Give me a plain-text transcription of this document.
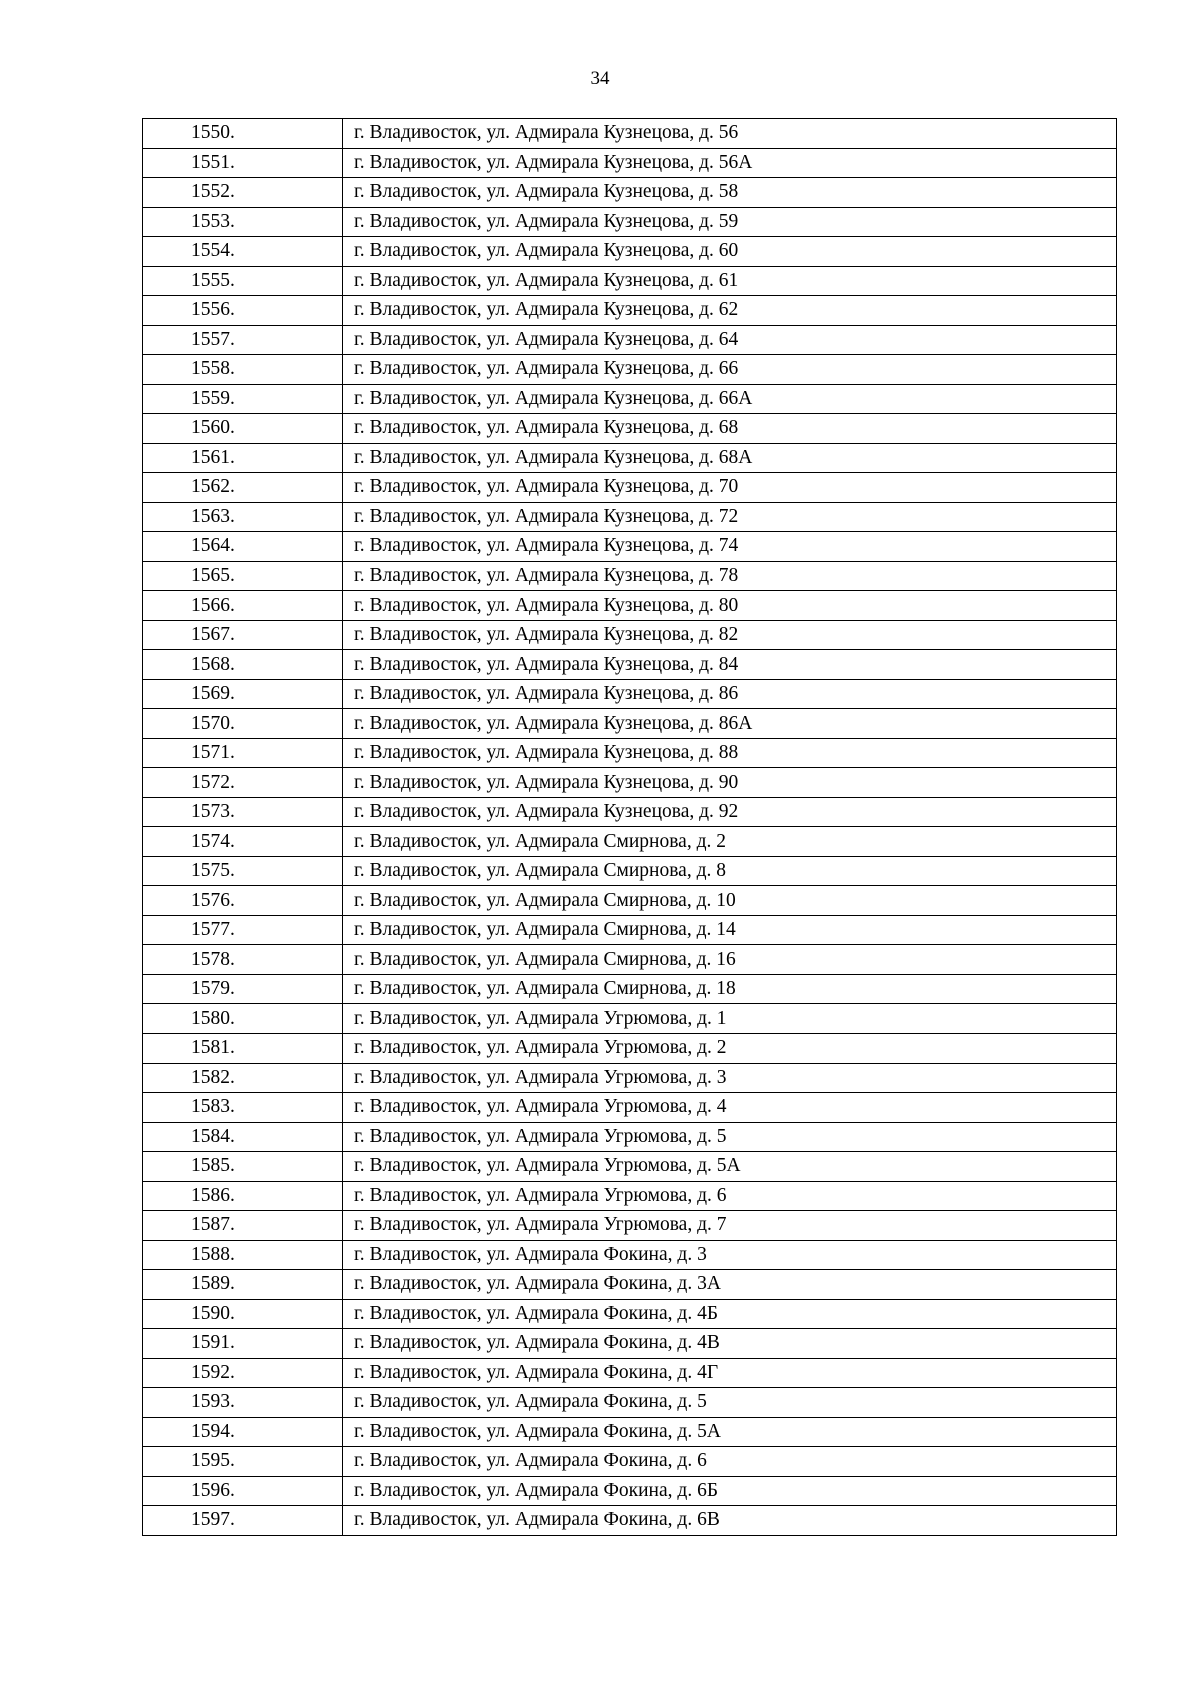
34
1550.	г. Владивосток, ул. Адмирала Кузнецова, д. 56
1551.	г. Владивосток, ул. Адмирала Кузнецова, д. 56А
1552.	г. Владивосток, ул. Адмирала Кузнецова, д. 58
1553.	г. Владивосток, ул. Адмирала Кузнецова, д. 59
1554.	г. Владивосток, ул. Адмирала Кузнецова, д. 60
1555.	г. Владивосток, ул. Адмирала Кузнецова, д. 61
1556.	г. Владивосток, ул. Адмирала Кузнецова, д. 62
1557.	г. Владивосток, ул. Адмирала Кузнецова, д. 64
1558.	г. Владивосток, ул. Адмирала Кузнецова, д. 66
1559.	г. Владивосток, ул. Адмирала Кузнецова, д. 66А
1560.	г. Владивосток, ул. Адмирала Кузнецова, д. 68
1561.	г. Владивосток, ул. Адмирала Кузнецова, д. 68А
1562.	г. Владивосток, ул. Адмирала Кузнецова, д. 70
1563.	г. Владивосток, ул. Адмирала Кузнецова, д. 72
1564.	г. Владивосток, ул. Адмирала Кузнецова, д. 74
1565.	г. Владивосток, ул. Адмирала Кузнецова, д. 78
1566.	г. Владивосток, ул. Адмирала Кузнецова, д. 80
1567.	г. Владивосток, ул. Адмирала Кузнецова, д. 82
1568.	г. Владивосток, ул. Адмирала Кузнецова, д. 84
1569.	г. Владивосток, ул. Адмирала Кузнецова, д. 86
1570.	г. Владивосток, ул. Адмирала Кузнецова, д. 86А
1571.	г. Владивосток, ул. Адмирала Кузнецова, д. 88
1572.	г. Владивосток, ул. Адмирала Кузнецова, д. 90
1573.	г. Владивосток, ул. Адмирала Кузнецова, д. 92
1574.	г. Владивосток, ул. Адмирала Смирнова, д. 2
1575.	г. Владивосток, ул. Адмирала Смирнова, д. 8
1576.	г. Владивосток, ул. Адмирала Смирнова, д. 10
1577.	г. Владивосток, ул. Адмирала Смирнова, д. 14
1578.	г. Владивосток, ул. Адмирала Смирнова, д. 16
1579.	г. Владивосток, ул. Адмирала Смирнова, д. 18
1580.	г. Владивосток, ул. Адмирала Угрюмова, д. 1
1581.	г. Владивосток, ул. Адмирала Угрюмова, д. 2
1582.	г. Владивосток, ул. Адмирала Угрюмова, д. 3
1583.	г. Владивосток, ул. Адмирала Угрюмова, д. 4
1584.	г. Владивосток, ул. Адмирала Угрюмова, д. 5
1585.	г. Владивосток, ул. Адмирала Угрюмова, д. 5А
1586.	г. Владивосток, ул. Адмирала Угрюмова, д. 6
1587.	г. Владивосток, ул. Адмирала Угрюмова, д. 7
1588.	г. Владивосток, ул. Адмирала Фокина, д. 3
1589.	г. Владивосток, ул. Адмирала Фокина, д. 3А
1590.	г. Владивосток, ул. Адмирала Фокина, д. 4Б
1591.	г. Владивосток, ул. Адмирала Фокина, д. 4В
1592.	г. Владивосток, ул. Адмирала Фокина, д. 4Г
1593.	г. Владивосток, ул. Адмирала Фокина, д. 5
1594.	г. Владивосток, ул. Адмирала Фокина, д. 5А
1595.	г. Владивосток, ул. Адмирала Фокина, д. 6
1596.	г. Владивосток, ул. Адмирала Фокина, д. 6Б
1597.	г. Владивосток, ул. Адмирала Фокина, д. 6В
